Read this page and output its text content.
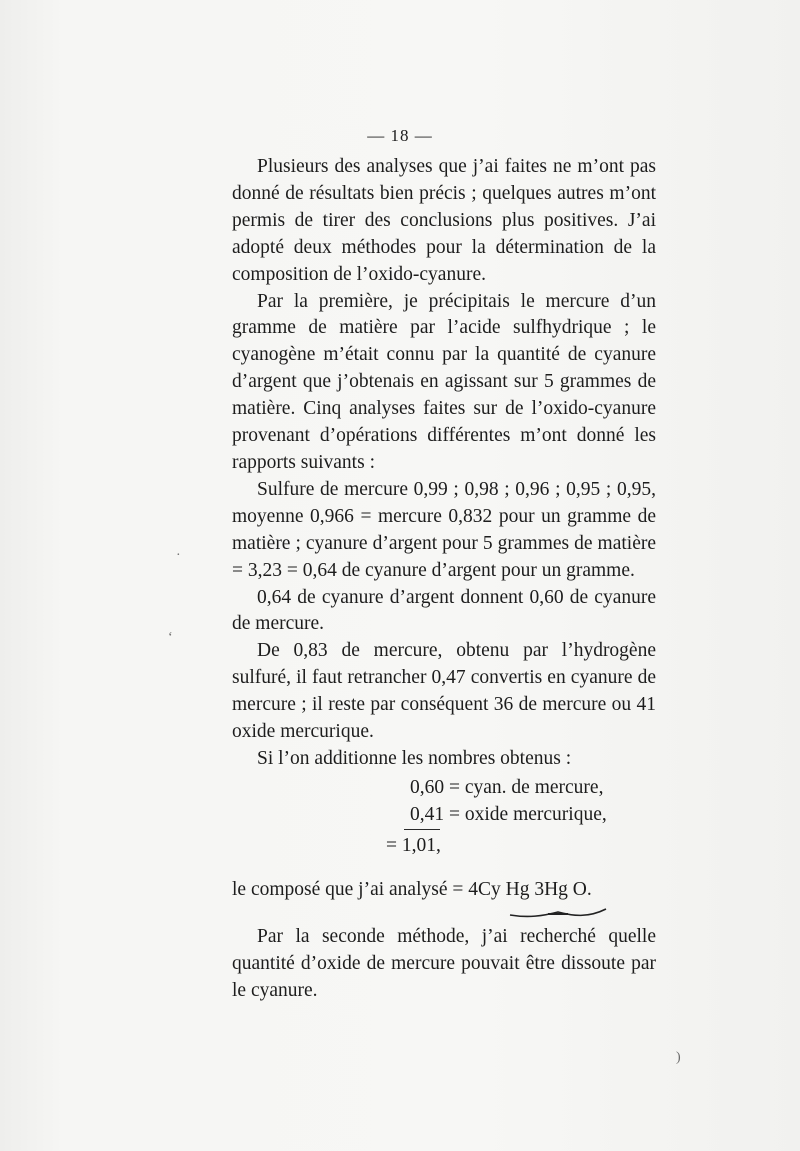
— 18 —

Plusieurs des analyses que j’ai faites ne m’ont pas donné de résultats bien précis ; quelques autres m’ont permis de tirer des conclusions plus positives. J’ai adopté deux méthodes pour la détermination de la composition de l’oxido-cyanure.

Par la première, je précipitais le mercure d’un gramme de matière par l’acide sulfhydrique ; le cyanogène m’était connu par la quantité de cyanure d’argent que j’obtenais en agissant sur 5 grammes de matière. Cinq analyses faites sur de l’oxido-cyanure provenant d’opérations différentes m’ont donné les rapports suivants :

Sulfure de mercure 0,99 ; 0,98 ; 0,96 ; 0,95 ; 0,95, moyenne 0,966 = mercure 0,832 pour un gramme de matière ; cyanure d’argent pour 5 grammes de matière = 3,23 = 0,64 de cyanure d’argent pour un gramme.

0,64 de cyanure d’argent donnent 0,60 de cyanure de mercure.

De 0,83 de mercure, obtenu par l’hydrogène sulfuré, il faut retrancher 0,47 convertis en cyanure de mercure ; il reste par conséquent 36 de mercure ou 41 oxide mercurique.

Si l’on additionne les nombres obtenus :

0,60 = cyan. de mercure,
0,41 = oxide mercurique,
= 1,01,

le composé que j’ai analysé = 4Cy Hg 3Hg O.

Par la seconde méthode, j’ai recherché quelle quantité d’oxide de mercure pouvait être dissoute par le cyanure.

‘
·
)
